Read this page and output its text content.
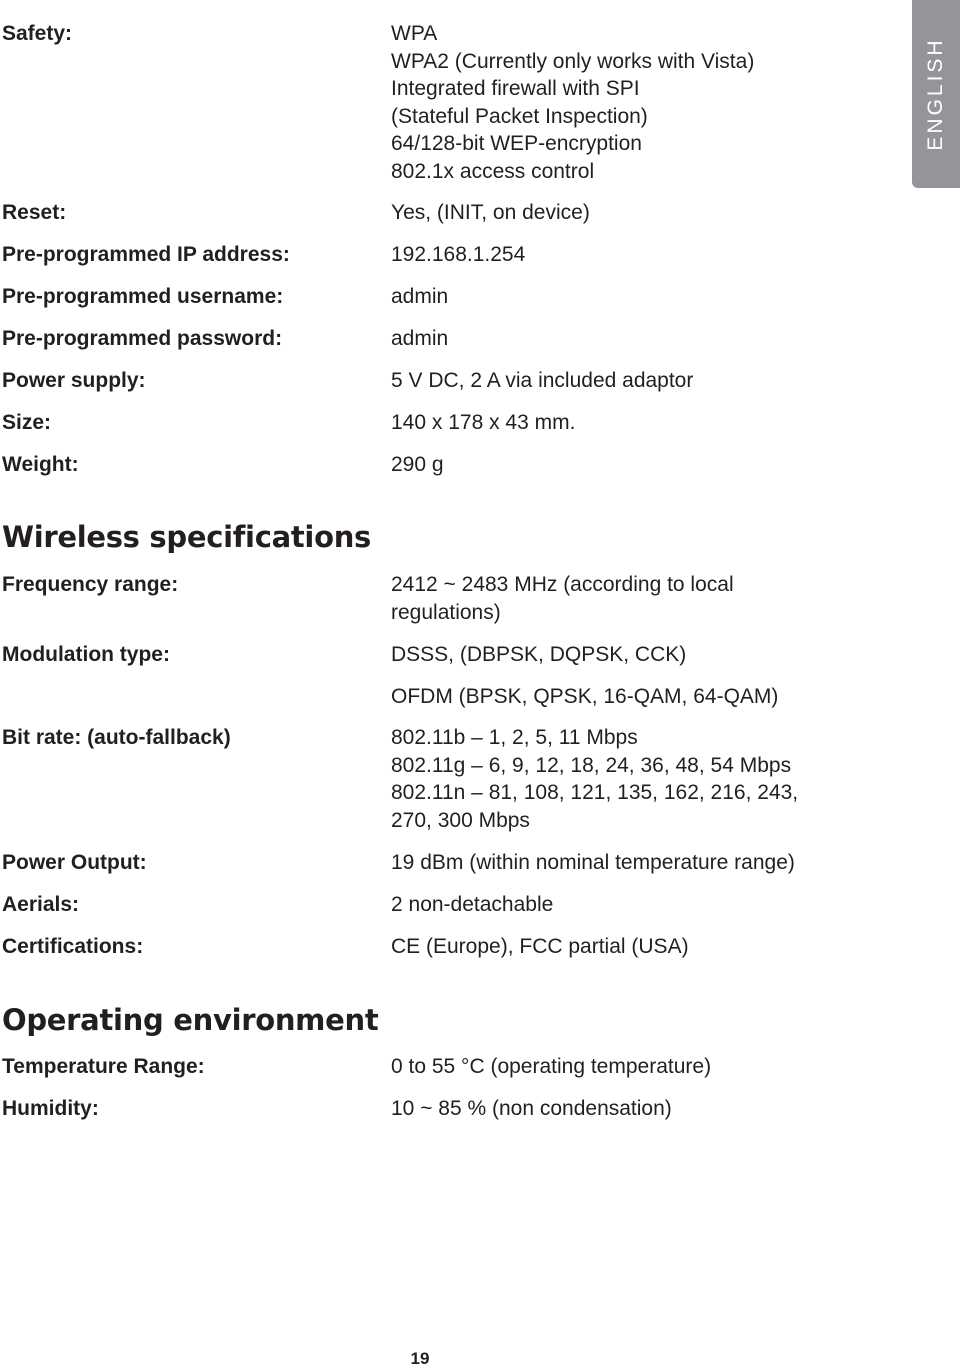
ENGLISH
Safety:	WPA
WPA2 (Currently only works with Vista)
Integrated firewall with SPI
(Stateful Packet Inspection)
64/128-bit WEP-encryption
802.1x access control
Reset:	Yes, (INIT, on device)
Pre-programmed IP address:	192.168.1.254
Pre-programmed username:	admin
Pre-programmed password:	admin
Power supply:	5 V DC, 2 A via included adaptor
Size:	140 x 178 x 43 mm.
Weight:	290 g
Wireless specifications
Frequency range:	2412 ~ 2483 MHz (according to local
regulations)
Modulation type:	DSSS, (DBPSK, DQPSK, CCK)
OFDM (BPSK, QPSK, 16-QAM, 64-QAM)
Bit rate: (auto-fallback)	802.11b – 1, 2, 5, 11 Mbps
802.11g – 6, 9, 12, 18, 24, 36, 48, 54 Mbps
802.11n – 81, 108, 121, 135, 162, 216, 243,
270, 300 Mbps
Power Output:	19 dBm (within nominal temperature range)
Aerials:	2 non-detachable
Certifications:	CE (Europe), FCC partial (USA)
Operating environment
Temperature Range:	0 to 55 °C (operating temperature)
Humidity:	10 ~ 85 % (non condensation)
19
